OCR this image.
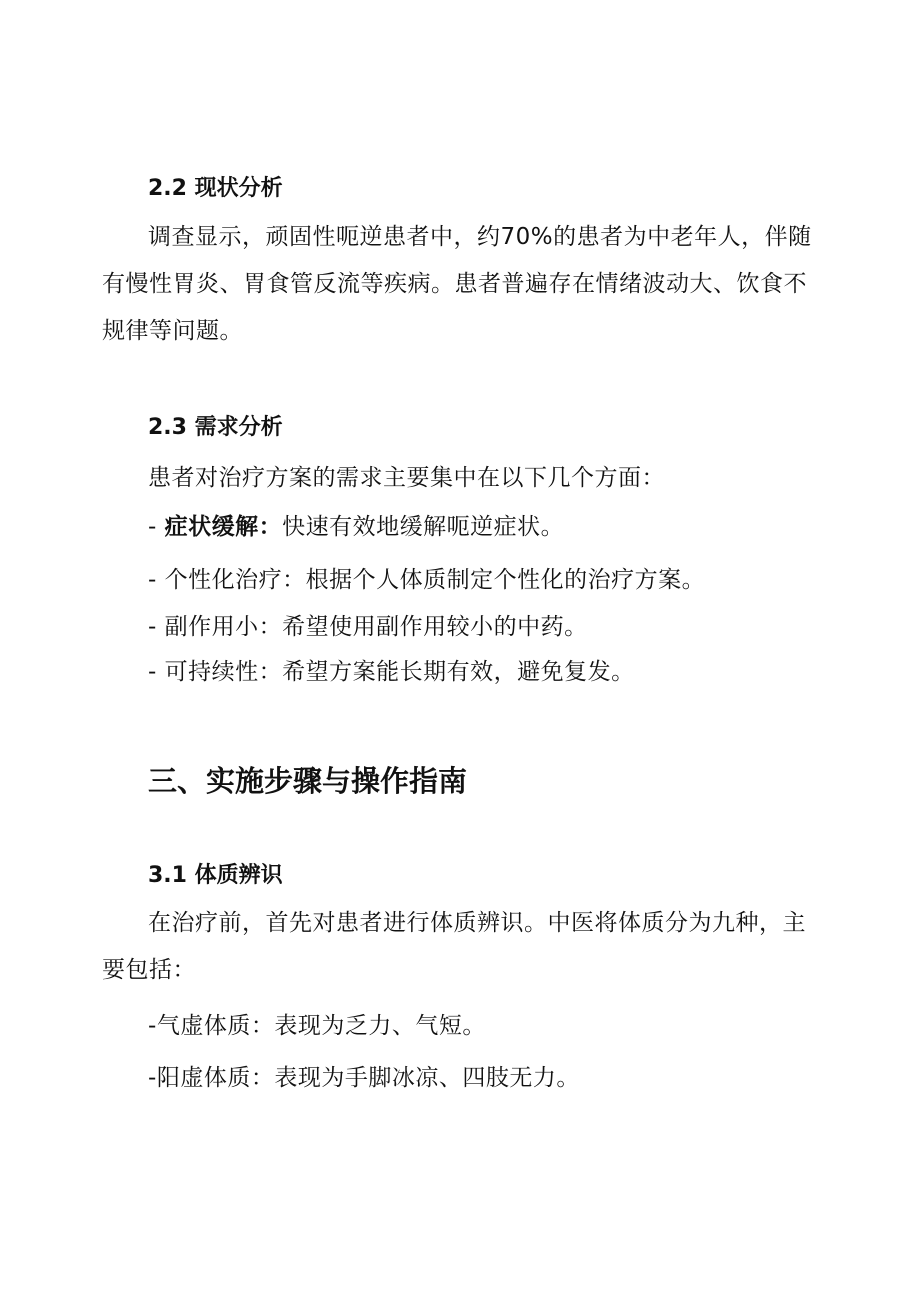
2.2 现状分析
调查显示，顽固性呃逆患者中，约70%的患者为中老年人，伴随有慢性胃炎、胃食管反流等疾病。患者普遍存在情绪波动大、饮食不规律等问题。
2.3 需求分析
患者对治疗方案的需求主要集中在以下几个方面：
- 症状缓解：快速有效地缓解呃逆症状。
- 个性化治疗：根据个人体质制定个性化的治疗方案。
- 副作用小：希望使用副作用较小的中药。
- 可持续性：希望方案能长期有效，避免复发。
三、实施步骤与操作指南
3.1 体质辨识
在治疗前，首先对患者进行体质辨识。中医将体质分为九种，主要包括：
-气虚体质：表现为乏力、气短。
-阳虚体质：表现为手脚冰凉、四肢无力。
